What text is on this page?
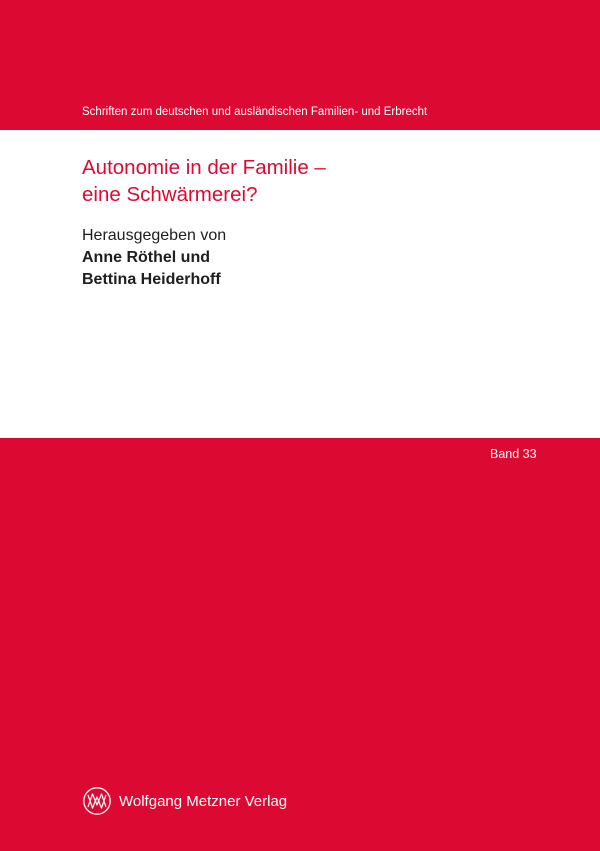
Schriften zum deutschen und ausländischen Familien- und Erbrecht
Autonomie in der Familie –
eine Schwärmerei?
Herausgegeben von
Anne Röthel und
Bettina Heiderhoff
Band 33
Wolfgang Metzner Verlag
